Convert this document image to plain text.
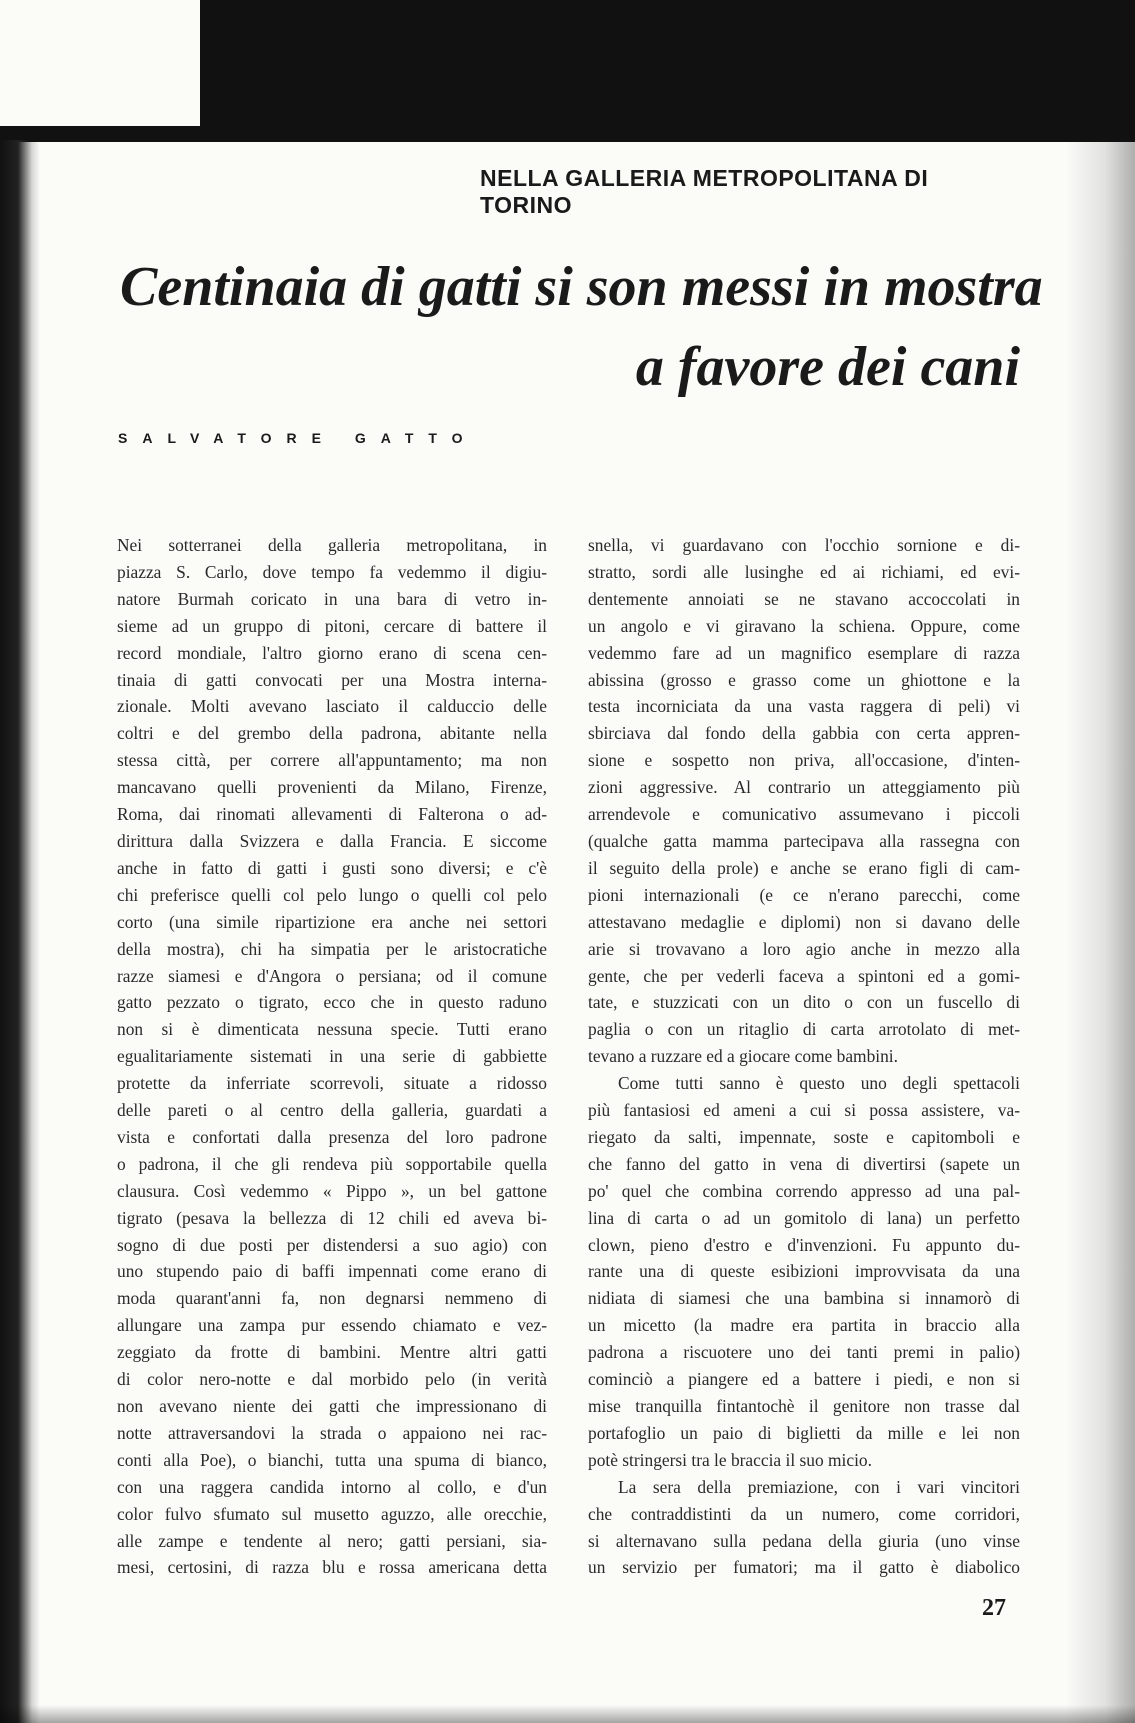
NELLA GALLERIA METROPOLITANA DI TORINO
Centinaia di gatti si son messi in mostra
a favore dei cani
SALVATORE GATTO
Nei sotterranei della galleria metropolitana, in
piazza S. Carlo, dove tempo fa vedemmo il digiu-
natore Burmah coricato in una bara di vetro in-
sieme ad un gruppo di pitoni, cercare di battere il
record mondiale, l'altro giorno erano di scena cen-
tinaia di gatti convocati per una Mostra interna-
zionale. Molti avevano lasciato il calduccio delle
coltri e del grembo della padrona, abitante nella
stessa città, per correre all'appuntamento; ma non
mancavano quelli provenienti da Milano, Firenze,
Roma, dai rinomati allevamenti di Falterona o ad-
dirittura dalla Svizzera e dalla Francia. E siccome
anche in fatto di gatti i gusti sono diversi; e c'è
chi preferisce quelli col pelo lungo o quelli col pelo
corto (una simile ripartizione era anche nei settori
della mostra), chi ha simpatia per le aristocratiche
razze siamesi e d'Angora o persiana; od il comune
gatto pezzato o tigrato, ecco che in questo raduno
non si è dimenticata nessuna specie. Tutti erano
egualitariamente sistemati in una serie di gabbiette
protette da inferriate scorrevoli, situate a ridosso
delle pareti o al centro della galleria, guardati a
vista e confortati dalla presenza del loro padrone
o padrona, il che gli rendeva più sopportabile quella
clausura. Così vedemmo « Pippo », un bel gattone
tigrato (pesava la bellezza di 12 chili ed aveva bi-
sogno di due posti per distendersi a suo agio) con
uno stupendo paio di baffi impennati come erano di
moda quarant'anni fa, non degnarsi nemmeno di
allungare una zampa pur essendo chiamato e vez-
zeggiato da frotte di bambini. Mentre altri gatti
di color nero-notte e dal morbido pelo (in verità
non avevano niente dei gatti che impressionano di
notte attraversandovi la strada o appaiono nei rac-
conti alla Poe), o bianchi, tutta una spuma di bianco,
con una raggera candida intorno al collo, e d'un
color fulvo sfumato sul musetto aguzzo, alle orecchie,
alle zampe e tendente al nero; gatti persiani, sia-
mesi, certosini, di razza blu e rossa americana detta
snella, vi guardavano con l'occhio sornione e di-
stratto, sordi alle lusinghe ed ai richiami, ed evi-
dentemente annoiati se ne stavano accoccolati in
un angolo e vi giravano la schiena. Oppure, come
vedemmo fare ad un magnifico esemplare di razza
abissina (grosso e grasso come un ghiottone e la
testa incorniciata da una vasta raggera di peli) vi
sbirciava dal fondo della gabbia con certa appren-
sione e sospetto non priva, all'occasione, d'inten-
zioni aggressive. Al contrario un atteggiamento più
arrendevole e comunicativo assumevano i piccoli
(qualche gatta mamma partecipava alla rassegna con
il seguito della prole) e anche se erano figli di cam-
pioni internazionali (e ce n'erano parecchi, come
attestavano medaglie e diplomi) non si davano delle
arie si trovavano a loro agio anche in mezzo alla
gente, che per vederli faceva a spintoni ed a gomi-
tate, e stuzzicati con un dito o con un fuscello di
paglia o con un ritaglio di carta arrotolato di met-
tevano a ruzzare ed a giocare come bambini.
Come tutti sanno è questo uno degli spettacoli
più fantasiosi ed ameni a cui si possa assistere, va-
riegato da salti, impennate, soste e capitomboli e
che fanno del gatto in vena di divertirsi (sapete un
po' quel che combina correndo appresso ad una pal-
lina di carta o ad un gomitolo di lana) un perfetto
clown, pieno d'estro e d'invenzioni. Fu appunto du-
rante una di queste esibizioni improvvisata da una
nidiata di siamesi che una bambina si innamorò di
un micetto (la madre era partita in braccio alla
padrona a riscuotere uno dei tanti premi in palio)
cominciò a piangere ed a battere i piedi, e non si
mise tranquilla fintantochè il genitore non trasse dal
portafoglio un paio di biglietti da mille e lei non
potè stringersi tra le braccia il suo micio.
La sera della premiazione, con i vari vincitori
che contraddistinti da un numero, come corridori,
si alternavano sulla pedana della giuria (uno vinse
un servizio per fumatori; ma il gatto è diabolico
27
